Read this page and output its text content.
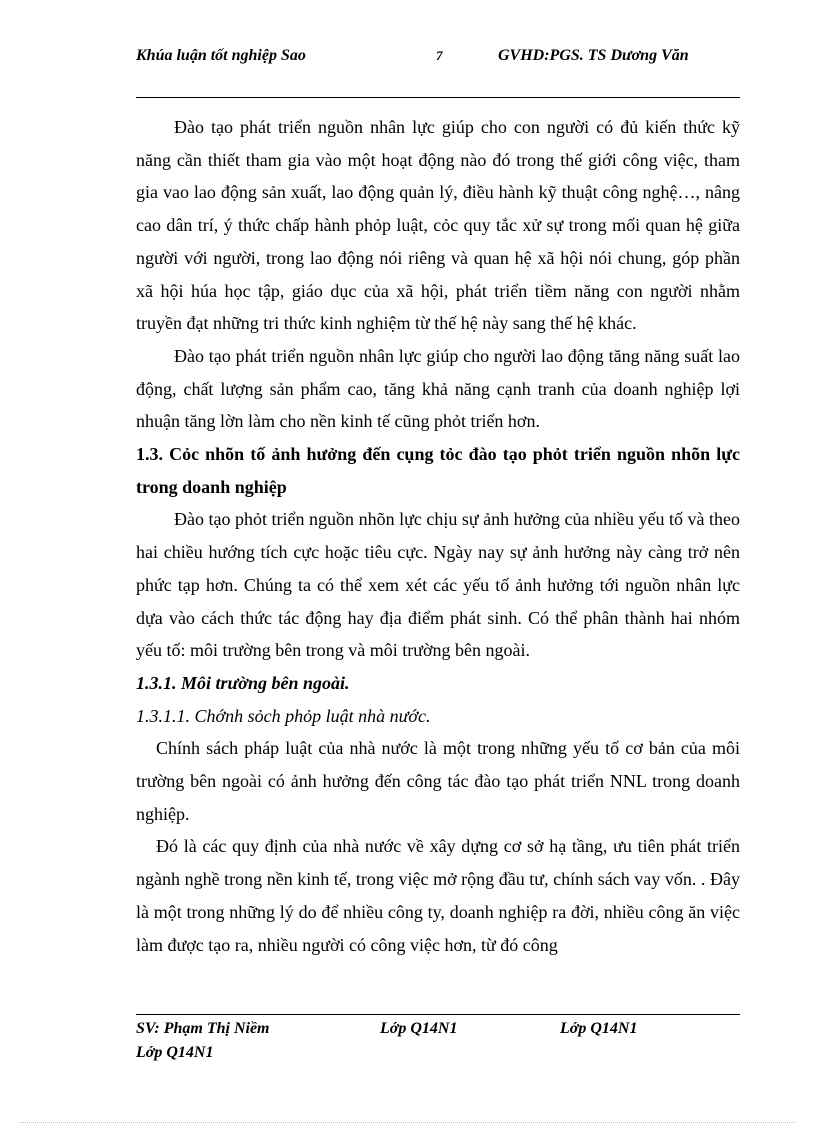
Khúa luận tốt nghiệp Sao	7	GVHD:PGS. TS Dương Văn

Đào tạo phát triển nguồn nhân lực giúp cho con người có đủ kiến thức kỹ năng cần thiết tham gia vào một hoạt động nào đó trong thế giới công việc, tham gia vao lao động sản xuất, lao động quản lý, điều hành kỹ thuật công nghệ…, nâng cao dân trí, ý thức chấp hành phỏp luật, cỏc quy tắc xử sự trong mối quan hệ giữa người với người, trong lao động nói riêng và quan hệ xã hội nói chung, góp phần xã hội húa học tập, giáo dục của xã hội, phát triển tiềm năng con người nhằm truyền đạt những tri thức kinh nghiệm từ thế hệ này sang thế hệ khác.

Đào tạo phát triển nguồn nhân lực giúp cho người lao động tăng năng suất lao động, chất lượng sản phẩm cao, tăng khả năng cạnh tranh của doanh nghiệp lợi nhuận tăng lờn làm cho nền kinh tế cũng phỏt triển hơn.

1.3. Cỏc nhõn tố ảnh hưởng đến cụng tỏc đào tạo phỏt triển nguồn nhõn lực trong doanh nghiệp

Đào tạo phỏt triển nguồn nhõn lực chịu sự ảnh hưởng của nhiều yếu tố và theo hai chiều hướng tích cực hoặc tiêu cực. Ngày nay sự ảnh hưởng này càng trở nên phức tạp hơn. Chúng ta có thể xem xét các yếu tố ảnh hưởng tới nguồn nhân lực dựa vào cách thức tác động hay địa điểm phát sinh. Có thể phân thành hai nhóm yếu tố: môi trường bên trong và môi trường bên ngoài.

1.3.1. Môi trường bên ngoài.

1.3.1.1. Chớnh sỏch phỏp luật nhà nước.

Chính sách pháp luật của nhà nước là một trong những yếu tố cơ bản của môi trường bên ngoài có ảnh hưởng đến công tác đào tạo phát triển NNL trong doanh nghiệp.

Đó là các quy định của nhà nước về xây dựng cơ sở hạ tầng, ưu tiên phát triển ngành nghề trong nền kinh tế, trong việc mở rộng đầu tư, chính sách vay vốn. . Đây là một trong những lý do để nhiều công ty, doanh nghiệp ra đời, nhiều công ăn việc làm được tạo ra, nhiều người có công việc hơn, từ đó công

SV: Phạm Thị Niềm	Lớp Q14N1	Lớp Q14N1
Lớp Q14N1
